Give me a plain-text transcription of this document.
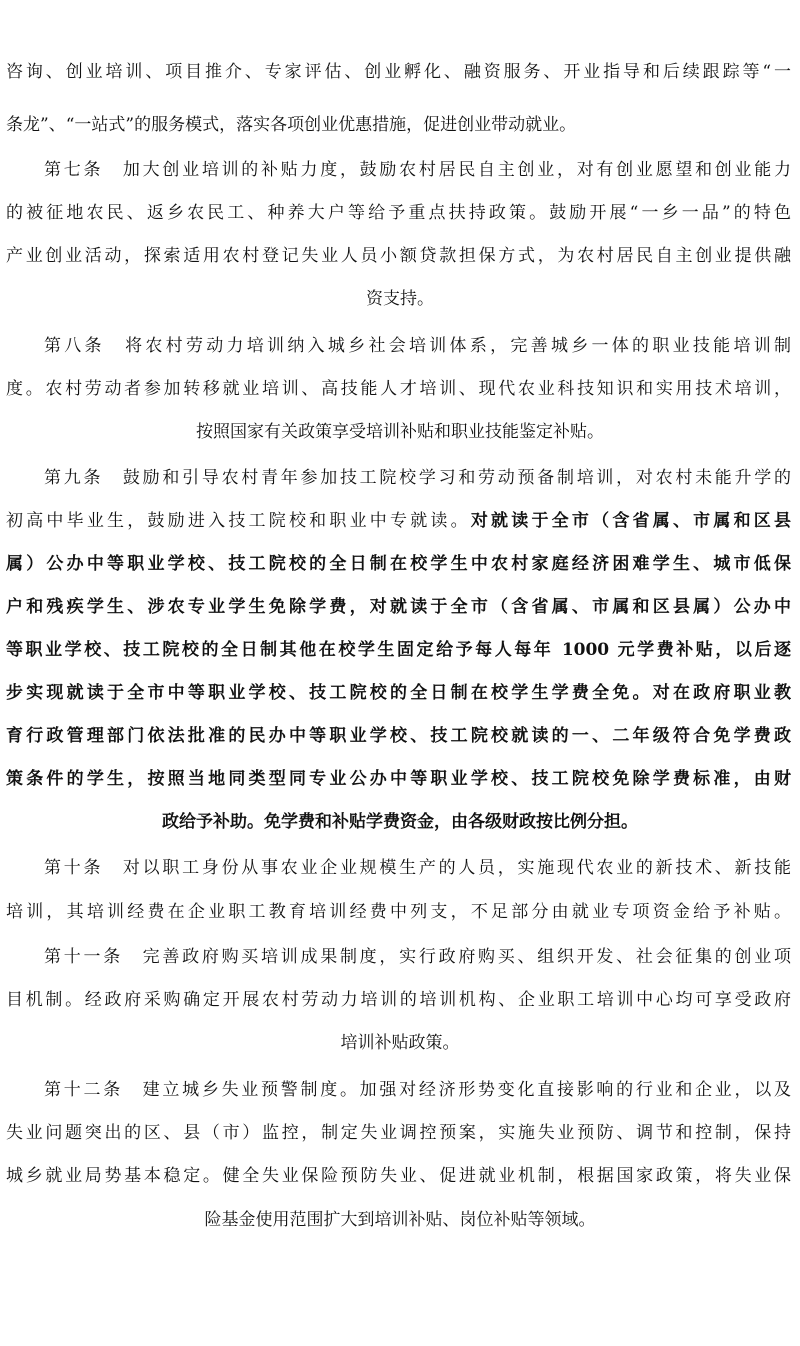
咨询、创业培训、项目推介、专家评估、创业孵化、融资服务、开业指导和后续跟踪等“一
条龙”、“一站式”的服务模式，落实各项创业优惠措施，促进创业带动就业。
第七条　加大创业培训的补贴力度，鼓励农村居民自主创业，对有创业愿望和创业能力
的被征地农民、返乡农民工、种养大户等给予重点扶持政策。鼓励开展“一乡一品”的特色
产业创业活动，探索适用农村登记失业人员小额贷款担保方式，为农村居民自主创业提供融
资支持。
第八条　将农村劳动力培训纳入城乡社会培训体系，完善城乡一体的职业技能培训制
度。农村劳动者参加转移就业培训、高技能人才培训、现代农业科技知识和实用技术培训，
按照国家有关政策享受培训补贴和职业技能鉴定补贴。
第九条　鼓励和引导农村青年参加技工院校学习和劳动预备制培训，对农村未能升学的
初高中毕业生，鼓励进入技工院校和职业中专就读。对就读于全市（含省属、市属和区县
属）公办中等职业学校、技工院校的全日制在校学生中农村家庭经济困难学生、城市低保
户和残疾学生、涉农专业学生免除学费，对就读于全市（含省属、市属和区县属）公办中
等职业学校、技工院校的全日制其他在校学生固定给予每人每年 1000 元学费补贴，以后逐
步实现就读于全市中等职业学校、技工院校的全日制在校学生学费全免。对在政府职业教
育行政管理部门依法批准的民办中等职业学校、技工院校就读的一、二年级符合免学费政
策条件的学生，按照当地同类型同专业公办中等职业学校、技工院校免除学费标准，由财
政给予补助。免学费和补贴学费资金，由各级财政按比例分担。
第十条　对以职工身份从事农业企业规模生产的人员，实施现代农业的新技术、新技能
培训，其培训经费在企业职工教育培训经费中列支，不足部分由就业专项资金给予补贴。
第十一条　完善政府购买培训成果制度，实行政府购买、组织开发、社会征集的创业项
目机制。经政府采购确定开展农村劳动力培训的培训机构、企业职工培训中心均可享受政府
培训补贴政策。
第十二条　建立城乡失业预警制度。加强对经济形势变化直接影响的行业和企业，以及
失业问题突出的区、县（市）监控，制定失业调控预案，实施失业预防、调节和控制，保持
城乡就业局势基本稳定。健全失业保险预防失业、促进就业机制，根据国家政策，将失业保
险基金使用范围扩大到培训补贴、岗位补贴等领域。
